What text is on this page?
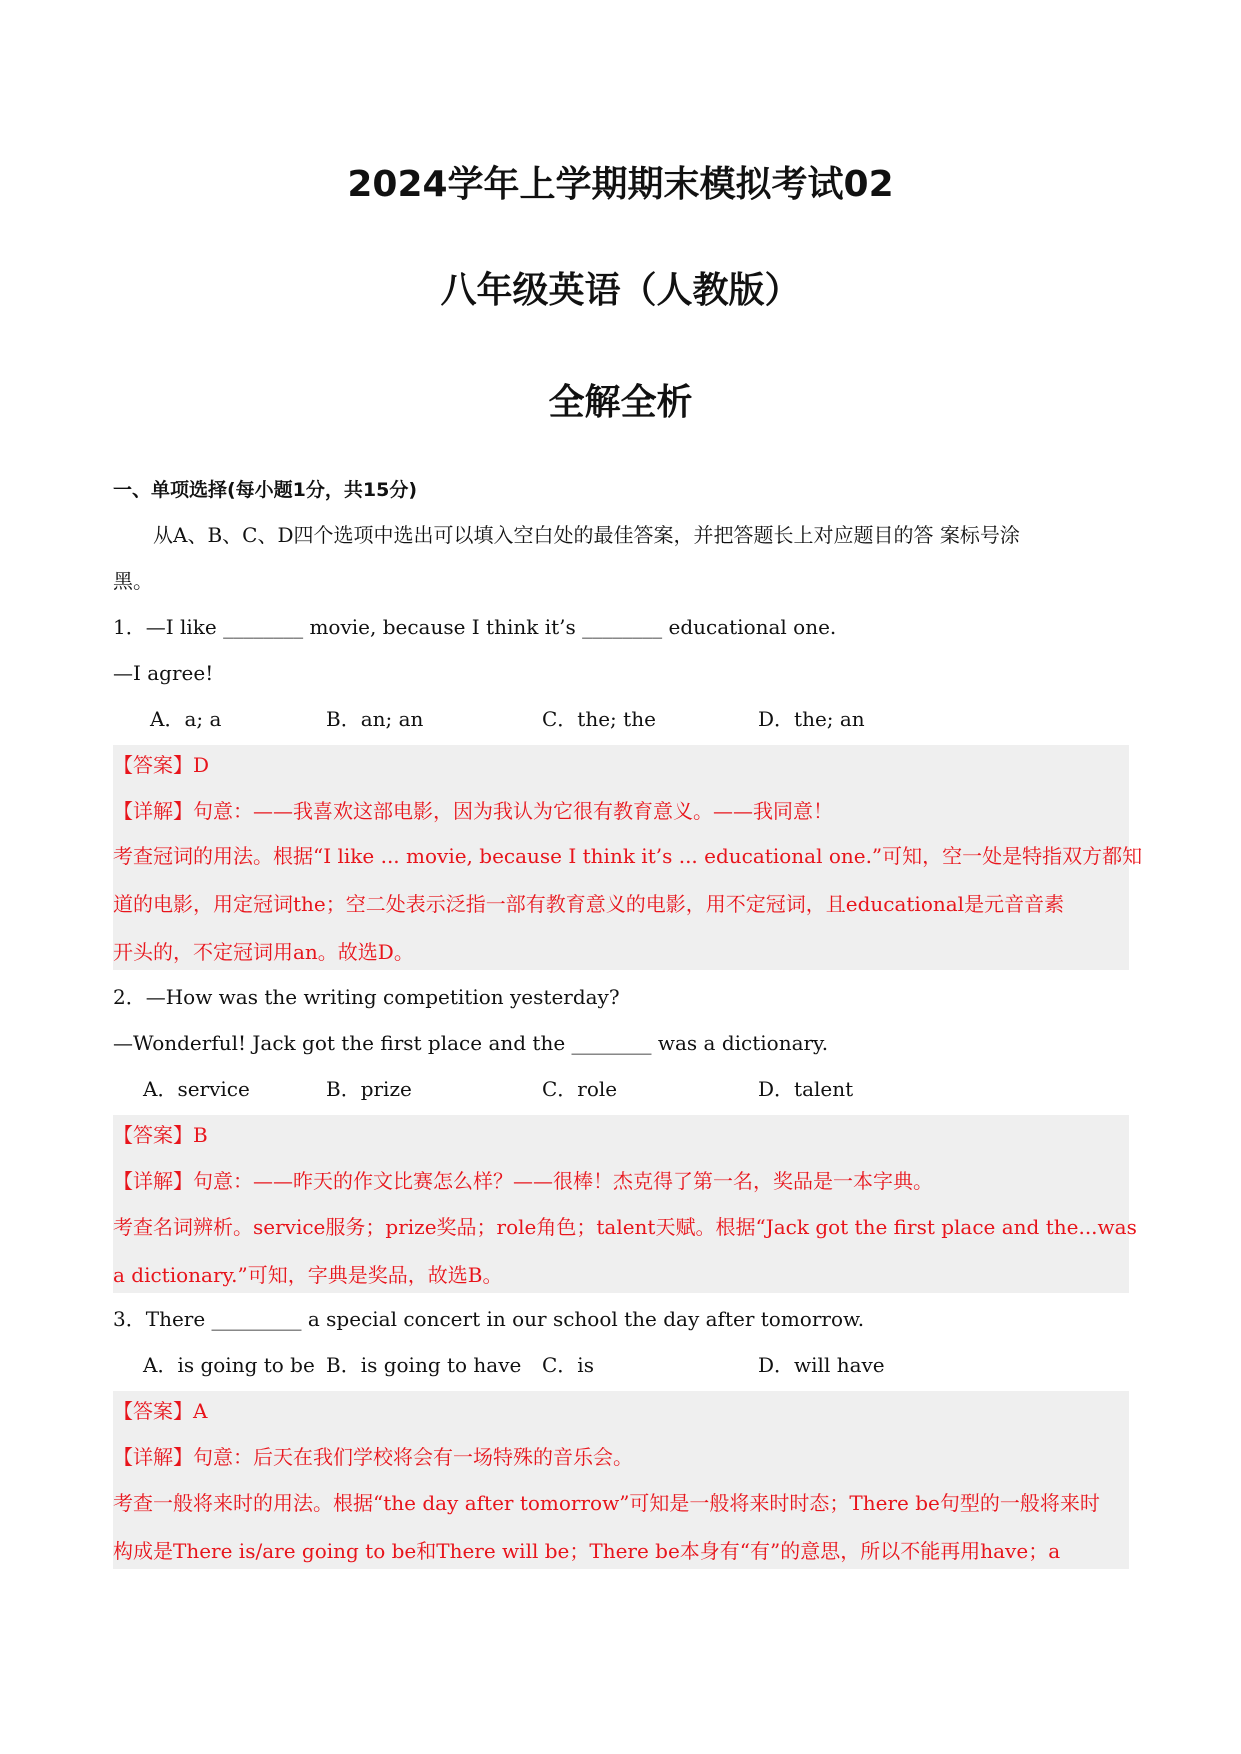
2024学年上学期期末模拟考试02
八年级英语（人教版）
全解全析
一、单项选择(每小题1分，共15分)
从A、B、C、D四个选项中选出可以填入空白处的最佳答案，并把答题长上对应题目的答 案标号涂
黑。
1．—I like ________ movie, because I think it’s ________ educational one.
—I agree!
A．a; a	B．an; an	C．the; the	D．the; an
【答案】D
【详解】句意：——我喜欢这部电影，因为我认为它很有教育意义。——我同意！
考查冠词的用法。根据“I like ... movie, because I think it’s ... educational one.”可知，空一处是特指双方都知
道的电影，用定冠词the；空二处表示泛指一部有教育意义的电影，用不定冠词，且educational是元音音素
开头的，不定冠词用an。故选D。
2．—How was the writing competition yesterday?
—Wonderful! Jack got the first place and the ________ was a dictionary.
A．service	B．prize	C．role	D．talent
【答案】B
【详解】句意：——昨天的作文比赛怎么样？——很棒！杰克得了第一名，奖品是一本字典。
考查名词辨析。service服务；prize奖品；role角色；talent天赋。根据“Jack got the first place and the...was
a dictionary.”可知，字典是奖品，故选B。
3．There _________ a special concert in our school the day after tomorrow.
A．is going to be B．is going to have C．is	D．will have
【答案】A
【详解】句意：后天在我们学校将会有一场特殊的音乐会。
考查一般将来时的用法。根据“the day after tomorrow”可知是一般将来时时态；There be句型的一般将来时
构成是There is/are going to be和There will be；There be本身有“有”的意思，所以不能再用have；a
